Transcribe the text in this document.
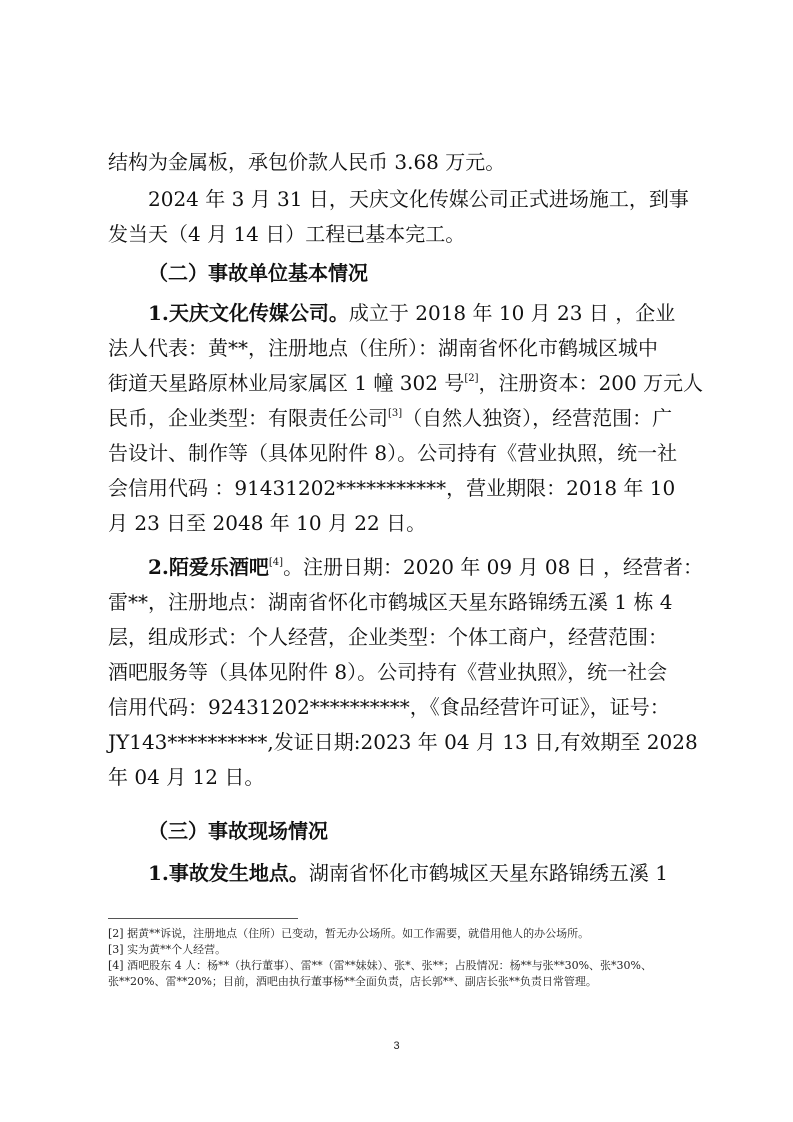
结构为金属板，承包价款人民币 3.68 万元。
2024 年 3 月 31 日，天庆文化传媒公司正式进场施工，到事
发当天（4 月 14 日）工程已基本完工。

（二）事故单位基本情况

1.天庆文化传媒公司。成立于 2018 年 10 月 23 日 ，企业
法人代表：黄**，注册地点（住所）：湖南省怀化市鹤城区城中
街道天星路原林业局家属区 1 幢 302 号[2]，注册资本：200 万元人
民币，企业类型：有限责任公司[3]（自然人独资），经营范围：广
告设计、制作等（具体见附件 8）。公司持有《营业执照，统一社
会信用代码 ：91431202***********，营业期限：2018 年 10
月 23 日至 2048 年 10 月 22 日。
2.陌爱乐酒吧[4]。注册日期：2020 年 09 月 08 日 ，经营者：
雷**，注册地点：湖南省怀化市鹤城区天星东路锦绣五溪 1 栋 4
层，组成形式：个人经营，企业类型：个体工商户，经营范围：
酒吧服务等（具体见附件 8）。公司持有《营业执照》，统一社会
信用代码：92431202**********，《食品经营许可证》，证号：
JY143**********,发证日期:2023 年 04 月 13 日,有效期至 2028
年 04 月 12 日。

（三）事故现场情况

1.事故发生地点。湖南省怀化市鹤城区天星东路锦绣五溪 1

[2] 据黄**诉说，注册地点（住所）已变动，暂无办公场所。如工作需要，就借用他人的办公场所。

[3] 实为黄**个人经营。

[4] 酒吧股东 4 人：杨**（执行董事）、雷**（雷**妹妹）、张*、张**；占股情况：杨**与张**30%、张*30%、

张**20%、雷**20%；目前，酒吧由执行董事杨**全面负责，店长郭**、副店长张**负责日常管理。

3
